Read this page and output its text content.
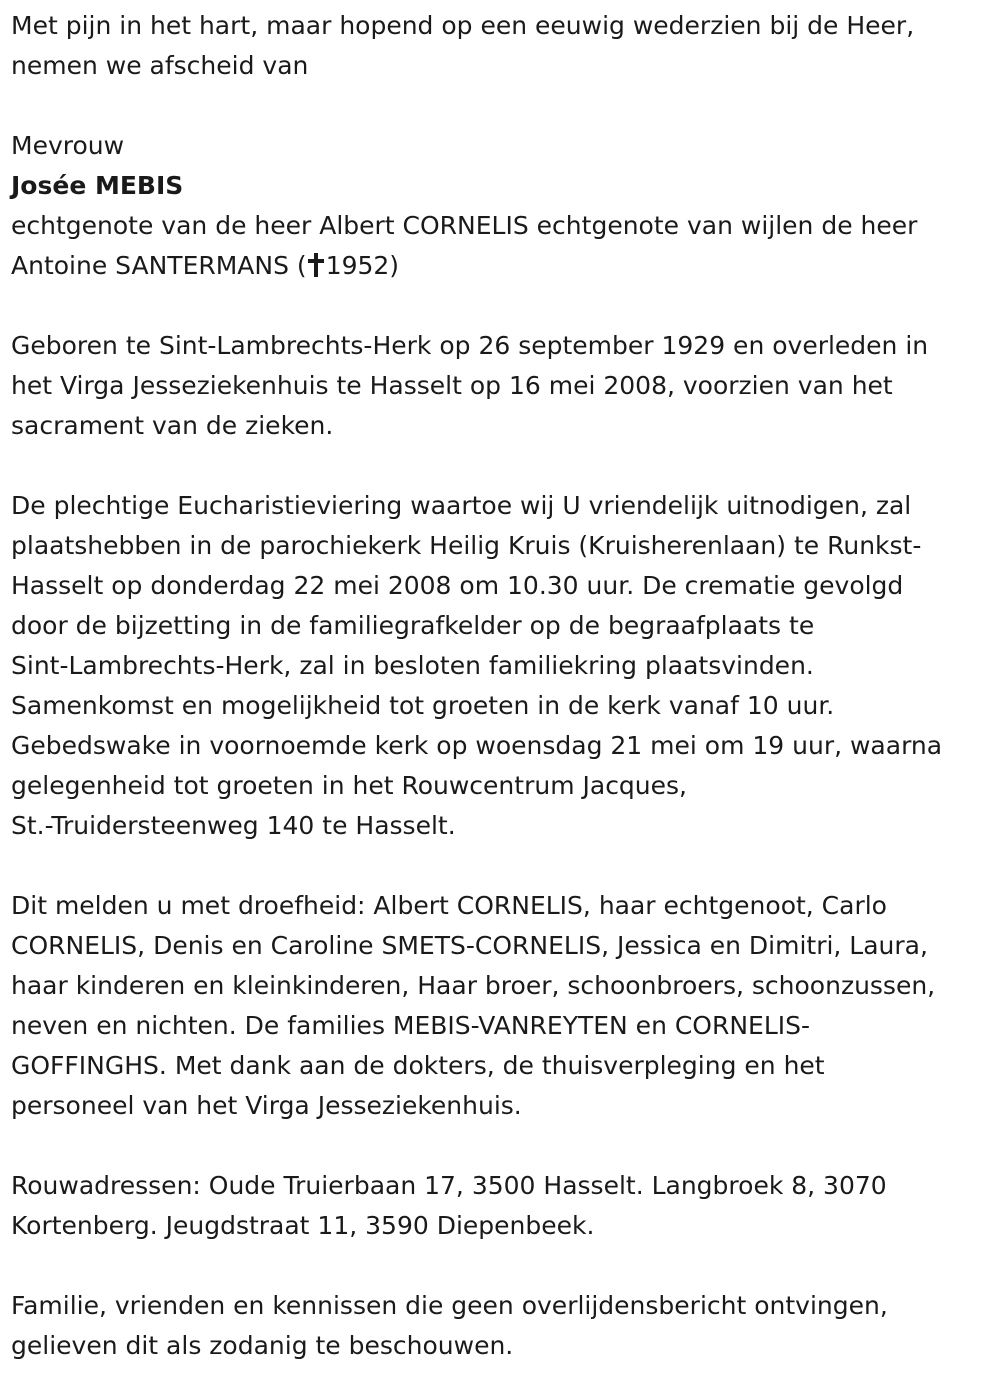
Met pijn in het hart, maar hopend op een eeuwig wederzien bij de Heer,
nemen we afscheid van

Mevrouw

Josée MEBIS

echtgenote van de heer Albert CORNELIS echtgenote van wijlen de heer
Antoine SANTERMANS ( 1952)

Geboren te Sint-Lambrechts-Herk op 26 september 1929 en overleden in
het Virga Jesseziekenhuis te Hasselt op 16 mei 2008, voorzien van het
sacrament van de zieken.

De plechtige Eucharistieviering waartoe wij U vriendelijk uitnodigen, zal
plaatshebben in de parochiekerk Heilig Kruis (Kruisherenlaan) te Runkst-
Hasselt op donderdag 22 mei 2008 om 10.30 uur. De crematie gevolgd
door de bijzetting in de familiegrafkelder op de begraafplaats te
Sint-Lambrechts-Herk, zal in besloten familiekring plaatsvinden.
Samenkomst en mogelijkheid tot groeten in de kerk vanaf 10 uur.
Gebedswake in voornoemde kerk op woensdag 21 mei om 19 uur, waarna
gelegenheid tot groeten in het Rouwcentrum Jacques,
St.-Truidersteenweg 140 te Hasselt.

Dit melden u met droefheid: Albert CORNELIS, haar echtgenoot, Carlo
CORNELIS, Denis en Caroline SMETS-CORNELIS, Jessica en Dimitri, Laura,
haar kinderen en kleinkinderen, Haar broer, schoonbroers, schoonzussen,
neven en nichten. De families MEBIS-VANREYTEN en CORNELIS-
GOFFINGHS. Met dank aan de dokters, de thuisverpleging en het
personeel van het Virga Jesseziekenhuis.

Rouwadressen: Oude Truierbaan 17, 3500 Hasselt. Langbroek 8, 3070
Kortenberg. Jeugdstraat 11, 3590 Diepenbeek.

Familie, vrienden en kennissen die geen overlijdensbericht ontvingen,
gelieven dit als zodanig te beschouwen.
